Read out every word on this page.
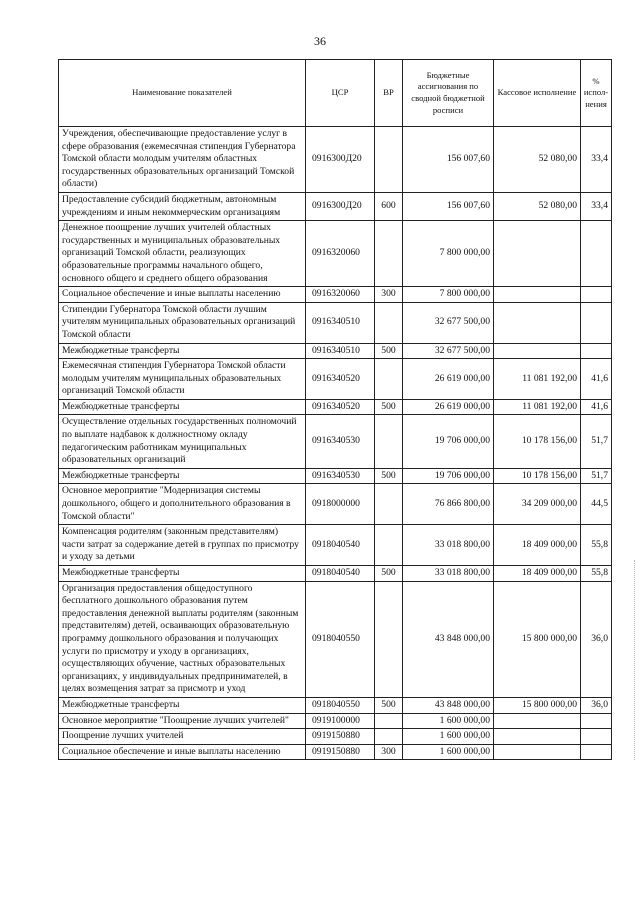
36
Наименование показателей	ЦСР	ВР	Бюджетные ассигнования по сводной бюджетной росписи	Кассовое исполнение	% испол-нения
Учреждения, обеспечивающие предоставление услуг в сфере образования (ежемесячная стипендия Губернатора Томской области молодым учителям областных государственных образовательных организаций Томской области)	0916300Д20		156 007,60	52 080,00	33,4
Предоставление субсидий бюджетным, автономным учреждениям и иным некоммерческим организациям	0916300Д20	600	156 007,60	52 080,00	33,4
Денежное поощрение лучших учителей областных государственных и муниципальных образовательных организаций Томской области, реализующих образовательные программы начального общего, основного общего и среднего общего образования	0916320060		7 800 000,00		
Социальное обеспечение и иные выплаты населению	0916320060	300	7 800 000,00		
Стипендии Губернатора Томской области лучшим учителям муниципальных образовательных организаций Томской области	0916340510		32 677 500,00		
Межбюджетные трансферты	0916340510	500	32 677 500,00		
Ежемесячная стипендия Губернатора Томской области молодым учителям муниципальных образовательных организаций Томской области	0916340520		26 619 000,00	11 081 192,00	41,6
Межбюджетные трансферты	0916340520	500	26 619 000,00	11 081 192,00	41,6
Осуществление отдельных государственных полномочий по выплате надбавок к должностному окладу педагогическим работникам муниципальных образовательных организаций	0916340530		19 706 000,00	10 178 156,00	51,7
Межбюджетные трансферты	0916340530	500	19 706 000,00	10 178 156,00	51,7
Основное мероприятие "Модернизация системы дошкольного, общего и дополнительного образования в Томской области"	0918000000		76 866 800,00	34 209 000,00	44,5
Компенсация родителям (законным представителям) части затрат за содержание детей в группах по присмотру и уходу за детьми	0918040540		33 018 800,00	18 409 000,00	55,8
Межбюджетные трансферты	0918040540	500	33 018 800,00	18 409 000,00	55,8
Организация предоставления общедоступного бесплатного дошкольного образования путем предоставления денежной выплаты родителям (законным представителям) детей, осваивающих образовательную программу дошкольного образования и получающих услуги по присмотру и уходу в организациях, осуществляющих обучение, частных образовательных организациях, у индивидуальных предпринимателей, в целях возмещения затрат за присмотр и уход	0918040550		43 848 000,00	15 800 000,00	36,0
Межбюджетные трансферты	0918040550	500	43 848 000,00	15 800 000,00	36,0
Основное мероприятие "Поощрение лучших учителей"	0919100000		1 600 000,00		
Поощрение лучших учителей	0919150880		1 600 000,00		
Социальное обеспечение и иные выплаты населению	0919150880	300	1 600 000,00		
